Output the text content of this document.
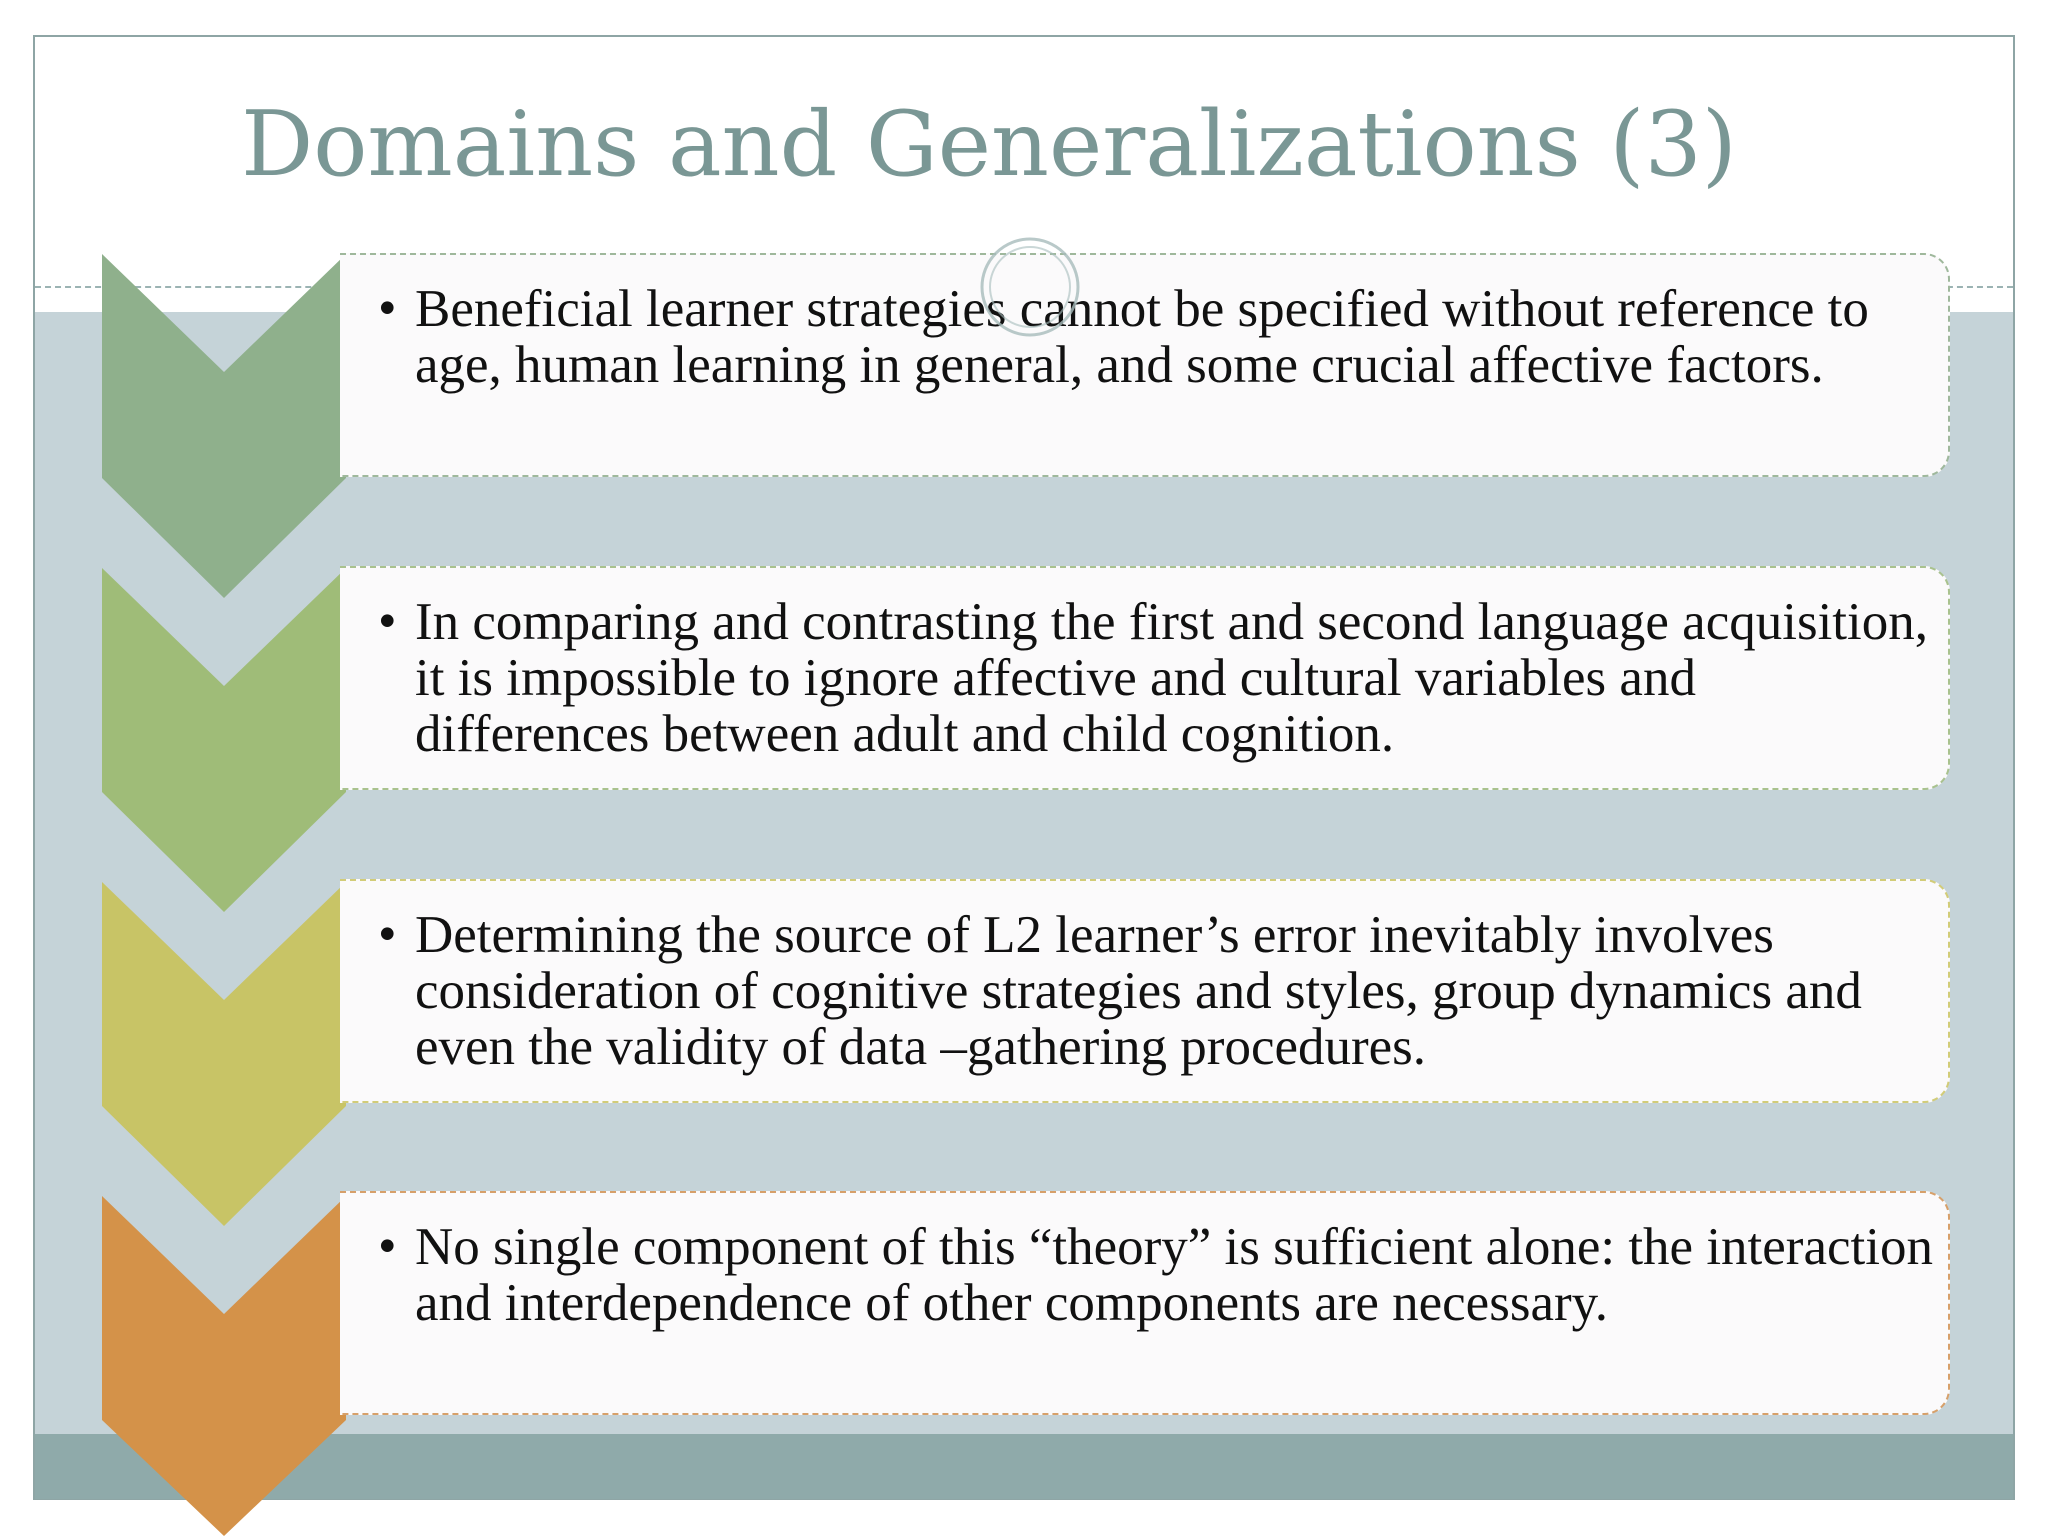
Domains and Generalizations (3)
• Beneficial learner strategies cannot be specified without reference to age, human learning in general, and some crucial affective factors.
• In comparing and contrasting the first and second language acquisition, it is impossible to ignore affective and cultural variables and differences between adult and child cognition.
• Determining the source of L2 learner’s error inevitably involves consideration of cognitive strategies and styles, group dynamics and even the validity of data –gathering procedures.
• No single component of this “theory” is sufficient alone: the interaction and interdependence of other components are necessary.
